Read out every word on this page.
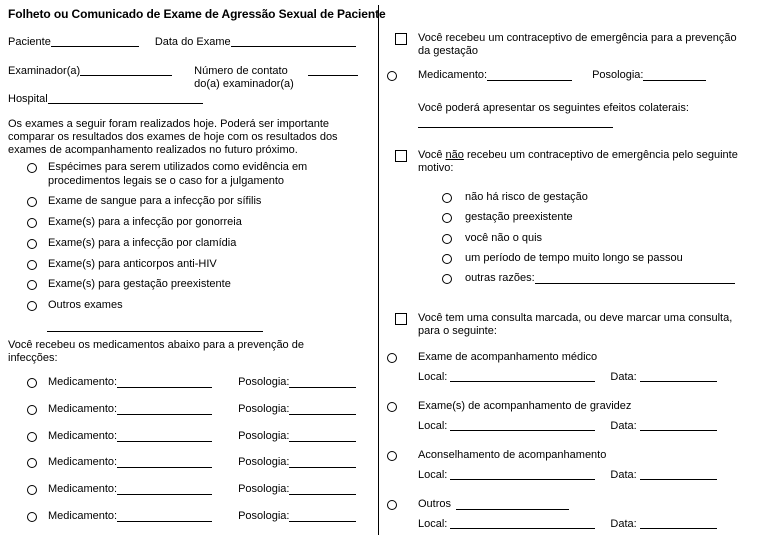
Folheto ou Comunicado de Exame de Agressão Sexual de Paciente
Paciente	Data do Exame
Examinador(a)	Número de contato
do(a) examinador(a)
Hospital
Os exames a seguir foram realizados hoje. Poderá ser importante comparar os resultados dos exames de hoje com os resultados dos exames de acompanhamento realizados no futuro próximo.
Espécimes para serem utilizados como evidência em procedimentos legais se o caso for a julgamento
Exame de sangue para a infecção por sífilis
Exame(s) para a infecção por gonorreia
Exame(s) para a infecção por clamídia
Exame(s) para anticorpos anti-HIV
Exame(s) para gestação preexistente
Outros exames
Você recebeu os medicamentos abaixo para a prevenção de infecções:
Medicamento:	Posologia:
Medicamento:	Posologia:
Medicamento:	Posologia:
Medicamento:	Posologia:
Medicamento:	Posologia:
Medicamento:	Posologia:
Você recebeu um contraceptivo de emergência para a prevenção da gestação
Medicamento:	Posologia:
Você poderá apresentar os seguintes efeitos colaterais:
Você não recebeu um contraceptivo de emergência pelo seguinte motivo:
não há risco de gestação
gestação preexistente
você não o quis
um período de tempo muito longo se passou
outras razões:
Você tem uma consulta marcada, ou deve marcar uma consulta, para o seguinte:
Exame de acompanhamento médico
Local:	Data:
Exame(s) de acompanhamento de gravidez
Local:	Data:
Aconselhamento de acompanhamento
Local:	Data:
Outros
Local:	Data:
